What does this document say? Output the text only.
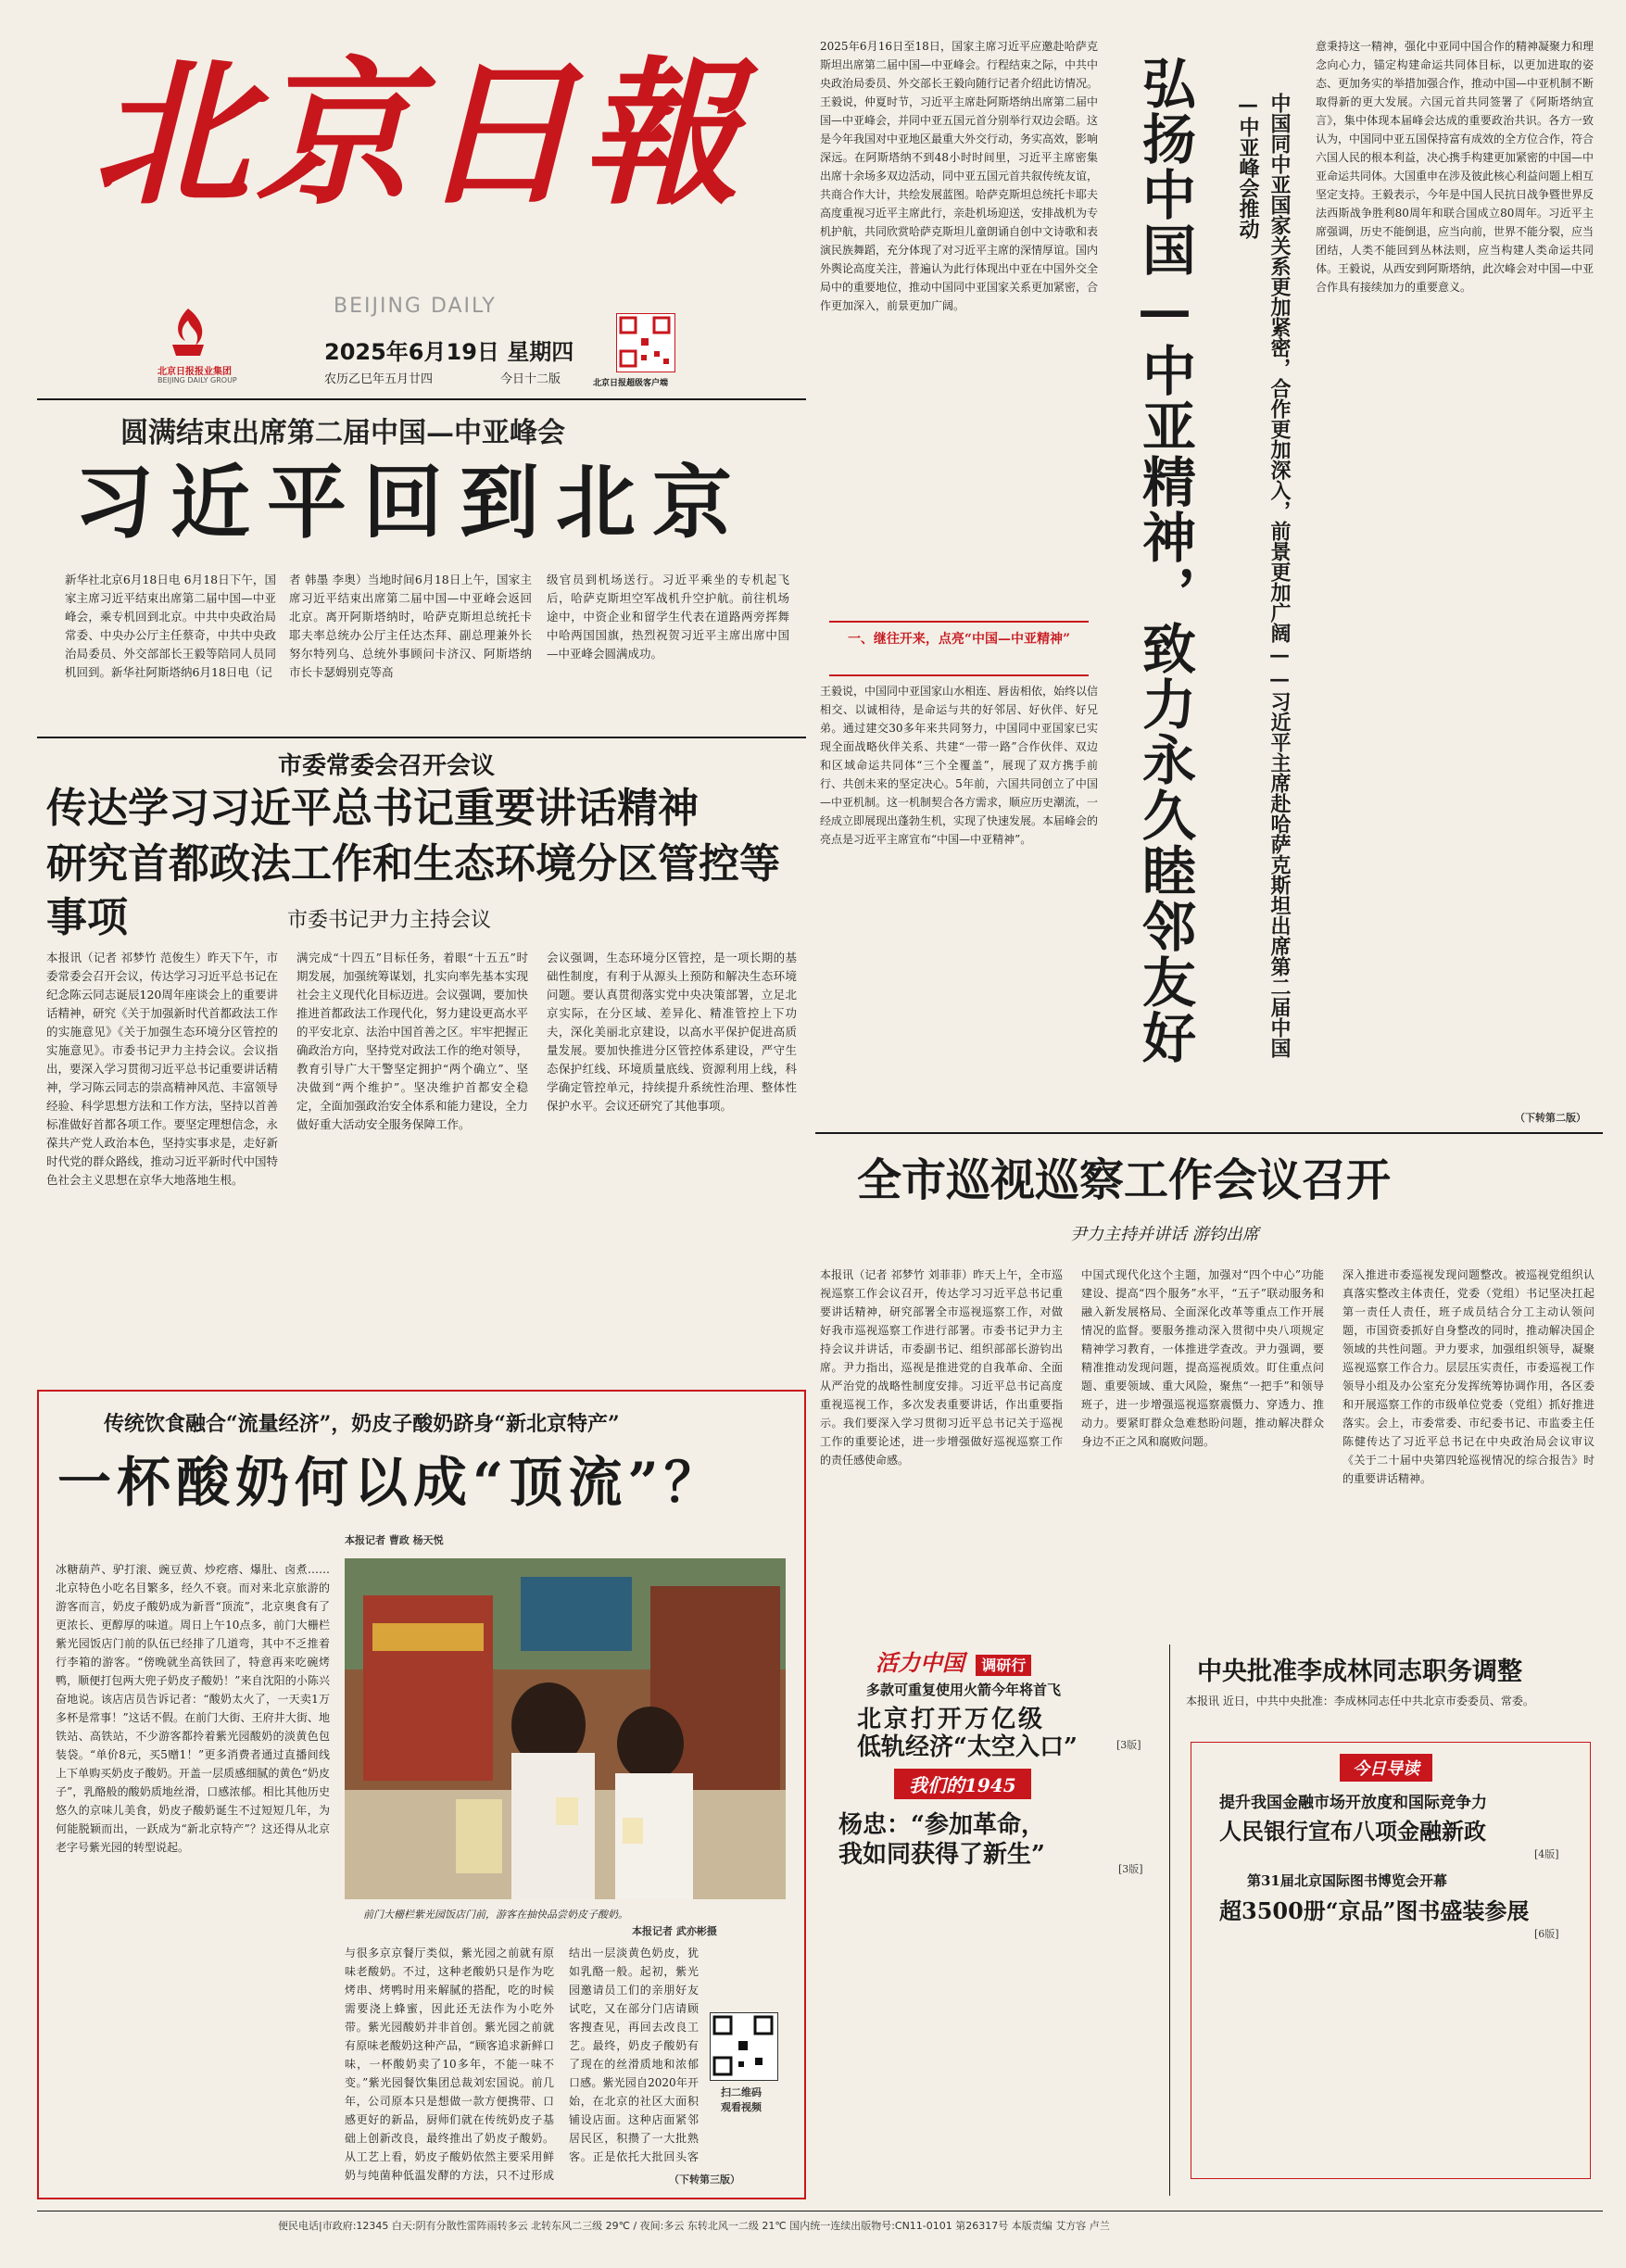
北京日報
BEIJING DAILY
北京日报报业集团
BEIJING DAILY GROUP
2025年6月19日 星期四
农历乙巳年五月廿四	今日十二版	北京日报超级客户端
圆满结束出席第二届中国—中亚峰会
习近平回到北京
新华社北京6月18日电 6月18日下午，国家主席习近平结束出席第二届中国—中亚峰会，乘专机回到北京。中共中央政治局常委、中央办公厅主任蔡奇，中共中央政治局委员、外交部部长王毅等陪同人员同机回到。新华社阿斯塔纳6月18日电（记
者 韩墨 李奥）当地时间6月18日上午，国家主席习近平结束出席第二届中国—中亚峰会返回北京。离开阿斯塔纳时，哈萨克斯坦总统托卡耶夫率总统办公厅主任达杰拜、副总理兼外长努尔特列乌、总统外事顾问卡济汉、阿斯塔纳市长卡瑟姆别克等高
级官员到机场送行。习近平乘坐的专机起飞后，哈萨克斯坦空军战机升空护航。前往机场途中，中资企业和留学生代表在道路两旁挥舞中哈两国国旗，热烈祝贺习近平主席出席中国—中亚峰会圆满成功。
市委常委会召开会议
传达学习习近平总书记重要讲话精神
研究首都政法工作和生态环境分区管控等事项	市委书记尹力主持会议
本报讯（记者 祁梦竹 范俊生）昨天下午，市委常委会召开会议，传达学习习近平总书记在纪念陈云同志诞辰120周年座谈会上的重要讲话精神，研究《关于加强新时代首都政法工作的实施意见》《关于加强生态环境分区管控的实施意见》。市委书记尹力主持会议。会议指出，要深入学习贯彻习近平总书记重要讲话精神，学习陈云同志的崇高精神风范、丰富领导经验、科学思想方法和工作方法，坚持以首善标准做好首都各项工作。要坚定理想信念，永葆共产党人政治本色，坚持实事求是，走好新时代党的群众路线，推动习近平新时代中国特色社会主义思想在京华大地落地生根。
满完成“十四五”目标任务，着眼“十五五”时期发展，加强统筹谋划，扎实向率先基本实现社会主义现代化目标迈进。会议强调，要加快推进首都政法工作现代化，努力建设更高水平的平安北京、法治中国首善之区。牢牢把握正确政治方向，坚持党对政法工作的绝对领导，教育引导广大干警坚定拥护“两个确立”、坚决做到“两个维护”。坚决维护首都安全稳定，全面加强政治安全体系和能力建设，全力做好重大活动安全服务保障工作。
会议强调，生态环境分区管控，是一项长期的基础性制度，有利于从源头上预防和解决生态环境问题。要认真贯彻落实党中央决策部署，立足北京实际，在分区域、差异化、精准管控上下功夫，深化美丽北京建设，以高水平保护促进高质量发展。要加快推进分区管控体系建设，严守生态保护红线、环境质量底线、资源利用上线，科学确定管控单元，持续提升系统性治理、整体性保护水平。会议还研究了其他事项。
传统饮食融合“流量经济”，奶皮子酸奶跻身“新北京特产”
一杯酸奶何以成“顶流”？
本报记者 曹政 杨天悦
冰糖葫芦、驴打滚、豌豆黄、炒疙瘩、爆肚、卤煮……北京特色小吃名目繁多，经久不衰。而对来北京旅游的游客而言，奶皮子酸奶成为新晋“顶流”，北京奥食有了更浓长、更醇厚的味道。周日上午10点多，前门大栅栏紫光园饭店门前的队伍已经排了几道弯，其中不乏推着行李箱的游客。“傍晚就坐高铁回了，特意再来吃碗烤鸭，顺便打包两大兜子奶皮子酸奶！”来自沈阳的小陈兴奋地说。该店店员告诉记者：“酸奶太火了，一天卖1万多杯是常事！”这话不假。在前门大街、王府井大街、地铁站、高铁站，不少游客都拎着紫光园酸奶的淡黄色包装袋。“单价8元，买5赠1！”更多消费者通过直播间线上下单购买奶皮子酸奶。开盖一层质感细腻的黄色“奶皮子”，乳酪般的酸奶质地丝滑，口感浓郁。相比其他历史悠久的京味儿美食，奶皮子酸奶诞生不过短短几年，为何能脱颖而出，一跃成为“新北京特产”？这还得从北京老字号紫光园的转型说起。
前门大栅栏紫光园饭店门前，游客在抽快品尝奶皮子酸奶。
本报记者 武亦彬摄
与很多京京餐厅类似，紫光园之前就有原味老酸奶。不过，这种老酸奶只是作为吃烤串、烤鸭时用来解腻的搭配，吃的时候需要浇上蜂蜜，因此还无法作为小吃外带。紫光园酸奶并非首创。紫光园之前就有原味老酸奶这种产品，“顾客追求新鲜口味，一杯酸奶卖了10多年，不能一味不变。”紫光园餐饮集团总裁刘宏国说。前几年，公司原本只是想做一款方便携带、口感更好的新品，厨师们就在传统奶皮子基础上创新改良，最终推出了奶皮子酸奶。从工艺上看，奶皮子酸奶依然主要采用鲜奶与纯菌种低温发酵的方法，只不过形成
结出一层淡黄色奶皮，犹如乳酪一般。起初，紫光园邀请员工们的亲朋好友试吃，又在部分门店请顾客搜查见，再回去改良工艺。最终，奶皮子酸奶有了现在的丝滑质地和浓郁口感。紫光园自2020年开始，在北京的社区大面积铺设店面。这种店面紧邻居民区，积攒了一大批熟客。正是依托大批回头客
扫二维码
观看视频
（下转第三版）
2025年6月16日至18日，国家主席习近平应邀赴哈萨克斯坦出席第二届中国—中亚峰会。行程结束之际，中共中央政治局委员、外交部长王毅向随行记者介绍此访情况。王毅说，仲夏时节，习近平主席赴阿斯塔纳出席第二届中国—中亚峰会，并同中亚五国元首分别举行双边会晤。这是今年我国对中亚地区最重大外交行动，务实高效，影响深远。在阿斯塔纳不到48小时时间里，习近平主席密集出席十余场多双边活动，同中亚五国元首共叙传统友谊，共商合作大计，共绘发展蓝图。哈萨克斯坦总统托卡耶夫高度重视习近平主席此行，亲赴机场迎送，安排战机为专机护航，共同欣赏哈萨克斯坦儿童朗诵自创中文诗歌和表演民族舞蹈，充分体现了对习近平主席的深情厚谊。国内外舆论高度关注，普遍认为此行体现出中亚在中国外交全局中的重要地位，推动中国同中亚国家关系更加紧密，合作更加深入，前景更加广阔。
一、继往开来，点亮“中国—中亚精神”
王毅说，中国同中亚国家山水相连、唇齿相依，始终以信相交、以诚相待，是命运与共的好邻居、好伙伴、好兄弟。通过建交30多年来共同努力，中国同中亚国家已实现全面战略伙伴关系、共建“一带一路”合作伙伴、双边和区域命运共同体“三个全覆盖”，展现了双方携手前行、共创未来的坚定决心。5年前，六国共同创立了中国—中亚机制。这一机制契合各方需求，顺应历史潮流，一经成立即展现出蓬勃生机，实现了快速发展。本届峰会的亮点是习近平主席宣布“中国—中亚精神”。	弘扬中国—中亚精神，致力永久睦邻友好	中国同中亚国家关系更加紧密，合作更加深入，前景更加广阔——习近平主席赴哈萨克斯坦出席第二届中国—中亚峰会推动
意秉持这一精神，强化中亚同中国合作的精神凝聚力和理念向心力，锚定构建命运共同体目标，以更加进取的姿态、更加务实的举措加强合作，推动中国—中亚机制不断取得新的更大发展。六国元首共同签署了《阿斯塔纳宣言》，集中体现本届峰会达成的重要政治共识。各方一致认为，中国同中亚五国保持富有成效的全方位合作，符合六国人民的根本利益，决心携手构建更加紧密的中国—中亚命运共同体。大国重申在涉及彼此核心利益问题上相互坚定支持。王毅表示，今年是中国人民抗日战争暨世界反法西斯战争胜利80周年和联合国成立80周年。习近平主席强调，历史不能倒退，应当向前，世界不能分裂，应当团结，人类不能回到丛林法则，应当构建人类命运共同体。王毅说，从西安到阿斯塔纳，此次峰会对中国—中亚合作具有接续加力的重要意义。
（下转第二版）
全市巡视巡察工作会议召开
尹力主持并讲话 游钧出席
本报讯（记者 祁梦竹 刘菲菲）昨天上午，全市巡视巡察工作会议召开，传达学习习近平总书记重要讲话精神，研究部署全市巡视巡察工作，对做好我市巡视巡察工作进行部署。市委书记尹力主持会议并讲话，市委副书记、组织部部长游钧出席。尹力指出，巡视是推进党的自我革命、全面从严治党的战略性制度安排。习近平总书记高度重视巡视工作，多次发表重要讲话，作出重要指示。我们要深入学习贯彻习近平总书记关于巡视工作的重要论述，进一步增强做好巡视巡察工作的责任感使命感。
中国式现代化这个主题，加强对“四个中心”功能建设、提高“四个服务”水平，“五子”联动服务和融入新发展格局、全面深化改革等重点工作开展情况的监督。要服务推动深入贯彻中央八项规定精神学习教育，一体推进学查改。尹力强调，要精准推动发现问题，提高巡视质效。盯住重点问题、重要领域、重大风险，聚焦“一把手”和领导班子，进一步增强巡视巡察震慑力、穿透力、推动力。要紧盯群众急难愁盼问题，推动解决群众身边不正之风和腐败问题。
深入推进市委巡视发现问题整改。被巡视党组织认真落实整改主体责任，党委（党组）书记坚决扛起第一责任人责任，班子成员结合分工主动认领问题，市国资委抓好自身整改的同时，推动解决国企领域的共性问题。尹力要求，加强组织领导，凝聚巡视巡察工作合力。层层压实责任，市委巡视工作领导小组及办公室充分发挥统筹协调作用，各区委和开展巡察工作的市级单位党委（党组）抓好推进落实。会上，市委常委、市纪委书记、市监委主任陈健传达了习近平总书记在中央政治局会议审议《关于二十届中央第四轮巡视情况的综合报告》时的重要讲话精神。
活力中国 调研行
多款可重复使用火箭今年将首飞
北京打开万亿级
低轨经济“太空入口”	[3版]
我们的1945
杨忠：“参加革命，
我如同获得了新生”
[3版]
中央批准李成林同志职务调整
本报讯 近日，中共中央批准：李成林同志任中共北京市委委员、常委。
今日导读
提升我国金融市场开放度和国际竞争力
人民银行宣布八项金融新政
[4版]
第31届北京国际图书博览会开幕
超3500册“京品”图书盛装参展
[6版]
便民电话|市政府:12345 白天:阴有分散性雷阵雨转多云 北转东风二三级 29℃ / 夜间:多云 东转北风一二级 21℃ 国内统一连续出版物号:CN11-0101 第26317号 本版责编 艾方容 卢兰
